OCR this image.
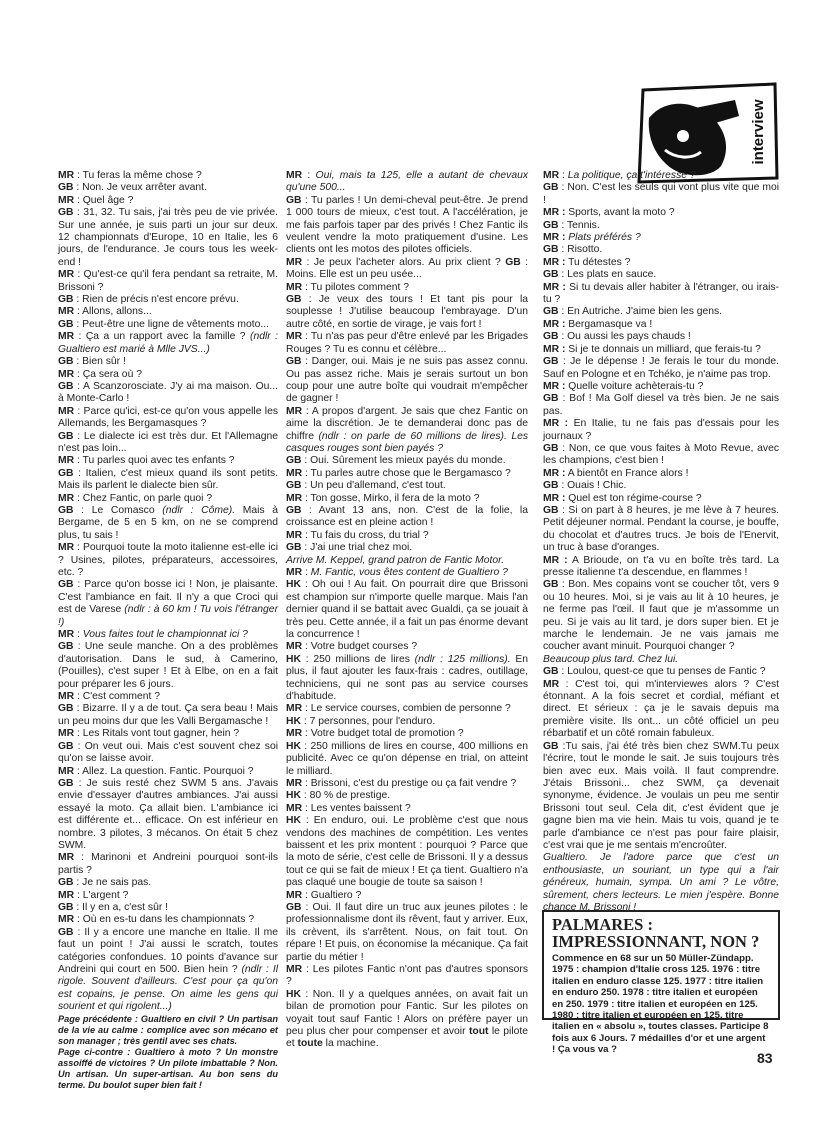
interview

MR : Tu feras la même chose ?

GB : Non. Je veux arrêter avant.

MR : Quel âge ?

GB : 31, 32. Tu sais, j'ai très peu de vie privée. Sur une année, je suis parti un jour sur deux. 12 championnats d'Europe, 10 en Italie, les 6 jours, de l'endurance. Je cours tous les week-end !

MR : Qu'est-ce qu'il fera pendant sa retraite, M. Brissoni ?

GB : Rien de précis n'est encore prévu.

MR : Allons, allons...

GB : Peut-être une ligne de vêtements moto...

MR : Ça a un rapport avec la famille ? (ndlr : Gualtiero est marié à Mlle JVS...)

GB : Bien sûr !

MR : Ça sera où ?

GB : A Scanzorosciate. J'y ai ma maison. Ou... à Monte-Carlo !

MR : Parce qu'ici, est-ce qu'on vous appelle les Allemands, les Bergamasques ?

GB : Le dialecte ici est très dur. Et l'Allemagne n'est pas loin...

MR : Tu parles quoi avec tes enfants ?

GB : Italien, c'est mieux quand ils sont petits. Mais ils parlent le dialecte bien sûr.

MR : Chez Fantic, on parle quoi ?

GB : Le Comasco (ndlr : Côme). Mais à Bergame, de 5 en 5 km, on ne se comprend plus, tu sais !

MR : Pourquoi toute la moto italienne est-elle ici ? Usines, pilotes, préparateurs, accessoires, etc. ?

GB : Parce qu'on bosse ici ! Non, je plaisante. C'est l'ambiance en fait. Il n'y a que Croci qui est de Varese (ndlr : à 60 km ! Tu vois l'étranger !)

MR : Vous faites tout le championnat ici ?

GB : Une seule manche. On a des problèmes d'autorisation. Dans le sud, à Camerino, (Pouilles), c'est super ! Et à Elbe, on en a fait pour préparer les 6 jours.

MR : C'est comment ?

GB : Bizarre. Il y a de tout. Ça sera beau ! Mais un peu moins dur que les Valli Bergamasche !

MR : Les Ritals vont tout gagner, hein ?

GB : On veut oui. Mais c'est souvent chez soi qu'on se laisse avoir.

MR : Allez. La question. Fantic. Pourquoi ?

GB : Je suis resté chez SWM 5 ans. J'avais envie d'essayer d'autres ambiances. J'ai aussi essayé la moto. Ça allait bien. L'ambiance ici est différente et... efficace. On est inférieur en nombre. 3 pilotes, 3 mécanos. On était 5 chez SWM.

MR : Marinoni et Andreini pourquoi sont-ils partis ?

GB : Je ne sais pas.

MR : L'argent ?

GB : Il y en a, c'est sûr !

MR : Où en es-tu dans les championnats ?

GB : Il y a encore une manche en Italie. Il me faut un point ! J'ai aussi le scratch, toutes catégories confondues. 10 points d'avance sur Andreini qui court en 500. Bien hein ? (ndlr : Il rigole. Souvent d'ailleurs. C'est pour ça qu'on est copains, je pense. On aime les gens qui sourient et qui rigolent...)

Page précédente : Gualtiero en civil ? Un partisan de la vie au calme : complice avec son mécano et son manager ; très gentil avec ses chats.

Page ci-contre : Gualtiero à moto ? Un monstre assoiffé de victoires ? Un pilote imbattable ? Non. Un artisan. Un super-artisan. Au bon sens du terme. Du boulot super bien fait !

MR : Oui, mais ta 125, elle a autant de chevaux qu'une 500...

GB : Tu parles ! Un demi-cheval peut-être. Je prend 1 000 tours de mieux, c'est tout. A l'accélération, je me fais parfois taper par des privés ! Chez Fantic ils veulent vendre la moto pratiquement d'usine. Les clients ont les motos des pilotes officiels.

MR : Je peux l'acheter alors. Au prix client ? GB : Moins. Elle est un peu usée...

MR : Tu pilotes comment ?

GB : Je veux des tours ! Et tant pis pour la souplesse ! J'utilise beaucoup l'embrayage. D'un autre côté, en sortie de virage, je vais fort !

MR : Tu n'as pas peur d'être enlevé par les Brigades Rouges ? Tu es connu et célèbre...

GB : Danger, oui. Mais je ne suis pas assez connu. Ou pas assez riche. Mais je serais surtout un bon coup pour une autre boîte qui voudrait m'empêcher de gagner !

MR : A propos d'argent. Je sais que chez Fantic on aime la discrétion. Je te demanderai donc pas de chiffre (ndlr : on parle de 60 millions de lires). Les casques rouges sont bien payés ?

GB : Oui. Sûrement les mieux payés du monde.

MR : Tu parles autre chose que le Bergamasco ?

GB : Un peu d'allemand, c'est tout.

MR : Ton gosse, Mirko, il fera de la moto ?

GB : Avant 13 ans, non. C'est de la folie, la croissance est en pleine action !

MR : Tu fais du cross, du trial ?

GB : J'ai une trial chez moi.

Arrive M. Keppel, grand patron de Fantic Motor.

MR : M. Fantic, vous êtes content de Gualtiero ?

HK : Oh oui ! Au fait. On pourrait dire que Brissoni est champion sur n'importe quelle marque. Mais l'an dernier quand il se battait avec Gualdi, ça se jouait à très peu. Cette année, il a fait un pas énorme devant la concurrence !

MR : Votre budget courses ?

HK : 250 millions de lires (ndlr : 125 millions). En plus, il faut ajouter les faux-frais : cadres, outillage, techniciens, qui ne sont pas au service courses d'habitude.

MR : Le service courses, combien de personne ?

HK : 7 personnes, pour l'enduro.

MR : Votre budget total de promotion ?

HK : 250 millions de lires en course, 400 millions en publicité. Avec ce qu'on dépense en trial, on atteint le milliard.

MR : Brissoni, c'est du prestige ou ça fait vendre ?

HK : 80 % de prestige.

MR : Les ventes baissent ?

HK : En enduro, oui. Le problème c'est que nous vendons des machines de compétition. Les ventes baissent et les prix montent : pourquoi ? Parce que la moto de série, c'est celle de Brissoni. Il y a dessus tout ce qui se fait de mieux ! Et ça tient. Gualtiero n'a pas claqué une bougie de toute sa saison !

MR : Gualtiero ?

GB : Oui. Il faut dire un truc aux jeunes pilotes : le professionnalisme dont ils rêvent, faut y arriver. Eux, ils crèvent, ils s'arrêtent. Nous, on fait tout. On répare ! Et puis, on économise la mécanique. Ça fait partie du métier !

MR : Les pilotes Fantic n'ont pas d'autres sponsors ?

HK : Non. Il y a quelques années, on avait fait un bilan de promotion pour Fantic. Sur les pilotes on voyait tout sauf Fantic ! Alors on préfère payer un peu plus cher pour compenser et avoir tout le pilote et toute la machine.

MR : La politique, ça t'intéresse ?

GB : Non. C'est les seuls qui vont plus vite que moi !

MR : Sports, avant la moto ?

GB : Tennis.

MR : Plats préférés ?

GB : Risotto.

MR : Tu détestes ?

GB : Les plats en sauce.

MR : Si tu devais aller habiter à l'étranger, ou irais-tu ?

GB : En Autriche. J'aime bien les gens.

MR : Bergamasque va !

GB : Ou aussi les pays chauds !

MR : Si je te donnais un milliard, que ferais-tu ?

GB : Je le dépense ! Je ferais le tour du monde. Sauf en Pologne et en Tchéko, je n'aime pas trop.

MR : Quelle voiture achèterais-tu ?

GB : Bof ! Ma Golf diesel va très bien. Je ne sais pas.

MR : En Italie, tu ne fais pas d'essais pour les journaux ?

GB : Non, ce que vous faites à Moto Revue, avec les champions, c'est bien !

MR : A bientôt en France alors !

GB : Ouais ! Chic.

MR : Quel est ton régime-course ?

GB : Si on part à 8 heures, je me lève à 7 heures. Petit déjeuner normal. Pendant la course, je bouffe, du chocolat et d'autres trucs. Je bois de l'Enervit, un truc à base d'oranges.

MR : A Brioude, on t'a vu en boîte très tard. La presse italienne t'a descendue, en flammes !

GB : Bon. Mes copains vont se coucher tôt, vers 9 ou 10 heures. Moi, si je vais au lit à 10 heures, je ne ferme pas l'œil. Il faut que je m'assomme un peu. Si je vais au lit tard, je dors super bien. Et je marche le lendemain. Je ne vais jamais me coucher avant minuit. Pourquoi changer ?

Beaucoup plus tard. Chez lui.

GB : Loulou, quest-ce que tu penses de Fantic ?

MR : C'est toi, qui m'interviewes alors ? C'est étonnant. A la fois secret et cordial, méfiant et direct. Et sérieux : ça je le savais depuis ma première visite. Ils ont... un côté officiel un peu rébarbatif et un côté romain fabuleux.

GB :Tu sais, j'ai été très bien chez SWM.Tu peux l'écrire, tout le monde le sait. Je suis toujours très bien avec eux. Mais voilà. Il faut comprendre. J'étais Brissoni... chez SWM, ça devenait synonyme, évidence. Je voulais un peu me sentir Brissoni tout seul. Cela dit, c'est évident que je gagne bien ma vie hein. Mais tu vois, quand je te parle d'ambiance ce n'est pas pour faire plaisir, c'est vrai que je me sentais m'encroûter.

Gualtiero. Je l'adore parce que c'est un enthousiaste, un souriant, un type qui a l'air généreux, humain, sympa. Un ami ? Le vôtre, sûrement, chers lecteurs. Le mien j'espère. Bonne chance M. Brissoni !

PALMARES : IMPRESSIONNANT, NON ?
Commence en 68 sur un 50 Müller-Zündapp. 1975 : champion d'Italie cross 125. 1976 : titre italien en enduro classe 125. 1977 : titre italien en enduro 250. 1978 : titre italien et européen en 250. 1979 : titre italien et européen en 125. 1980 : titre italien et européen en 125, titre italien en « absolu », toutes classes. Participe 8 fois aux 6 Jours. 7 médailles d'or et une argent ! Ça vous va ?
83
